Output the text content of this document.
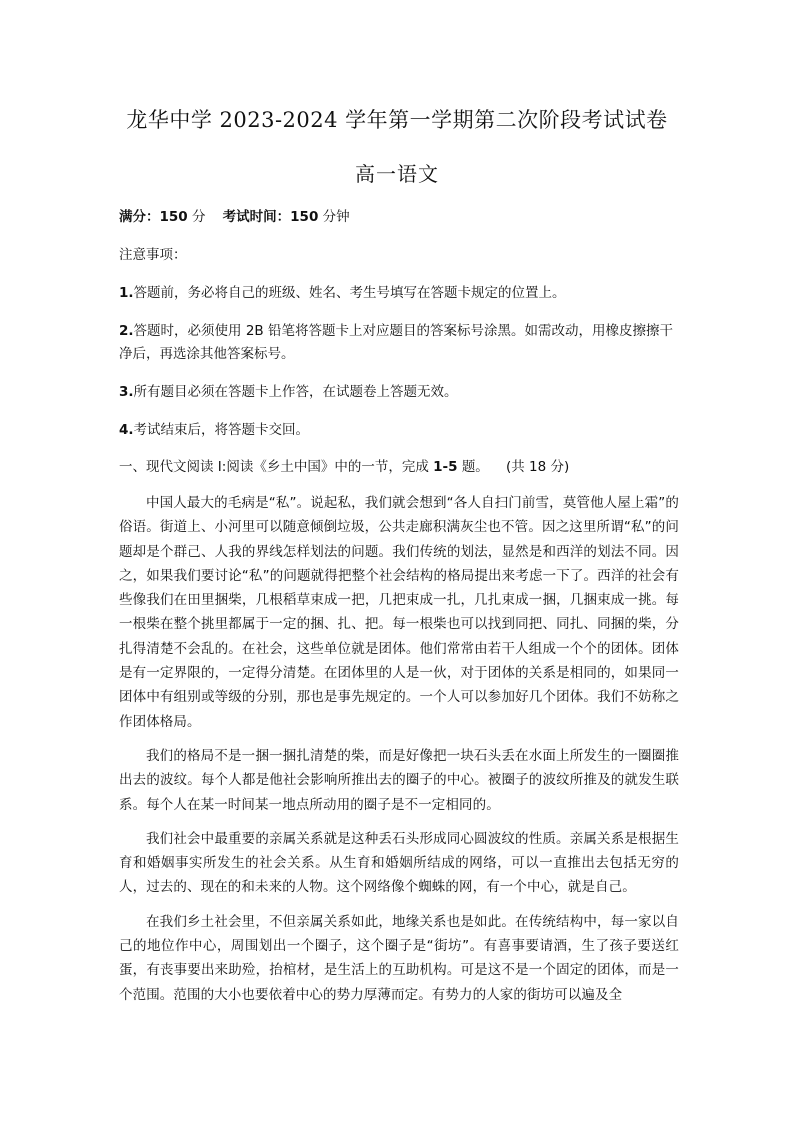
龙华中学 2023-2024 学年第一学期第二次阶段考试试卷
高一语文
满分：150 分 考试时间：150 分钟
注意事项：
1.答题前，务必将自己的班级、姓名、考生号填写在答题卡规定的位置上。
2.答题时，必须使用 2B 铅笔将答题卡上对应题目的答案标号涂黑。如需改动，用橡皮擦擦干净后，再选涂其他答案标号。
3.所有题目必须在答题卡上作答，在试题卷上答题无效。
4.考试结束后，将答题卡交回。
一、现代文阅读 I:阅读《乡土中国》中的一节，完成 1-5 题。 (共 18 分)

中国人最大的毛病是“私”。说起私，我们就会想到“各人自扫门前雪，莫管他人屋上霜”的俗语。街道上、小河里可以随意倾倒垃圾，公共走廊积满灰尘也不管。因之这里所谓“私”的问题却是个群己、人我的界线怎样划法的问题。我们传统的划法，显然是和西洋的划法不同。因之，如果我们要讨论“私”的问题就得把整个社会结构的格局提出来考虑一下了。西洋的社会有些像我们在田里捆柴，几根稻草束成一把，几把束成一扎，几扎束成一捆，几捆束成一挑。每一根柴在整个挑里都属于一定的捆、扎、把。每一根柴也可以找到同把、同扎、同捆的柴，分扎得清楚不会乱的。在社会，这些单位就是团体。他们常常由若干人组成一个个的团体。团体是有一定界限的，一定得分清楚。在团体里的人是一伙，对于团体的关系是相同的，如果同一团体中有组别或等级的分别，那也是事先规定的。一个人可以参加好几个团体。我们不妨称之作团体格局。

我们的格局不是一捆一捆扎清楚的柴，而是好像把一块石头丢在水面上所发生的一圈圈推出去的波纹。每个人都是他社会影响所推出去的圈子的中心。被圈子的波纹所推及的就发生联系。每个人在某一时间某一地点所动用的圈子是不一定相同的。

我们社会中最重要的亲属关系就是这种丢石头形成同心圆波纹的性质。亲属关系是根据生育和婚姻事实所发生的社会关系。从生育和婚姻所结成的网络，可以一直推出去包括无穷的人，过去的、现在的和未来的人物。这个网络像个蜘蛛的网，有一个中心，就是自己。

在我们乡土社会里，不但亲属关系如此，地缘关系也是如此。在传统结构中，每一家以自己的地位作中心，周围划出一个圈子，这个圈子是“街坊”。有喜事要请酒，生了孩子要送红蛋，有丧事要出来助殓，抬棺材，是生活上的互助机构。可是这不是一个固定的团体，而是一个范围。范围的大小也要依着中心的势力厚薄而定。有势力的人家的街坊可以遍及全
